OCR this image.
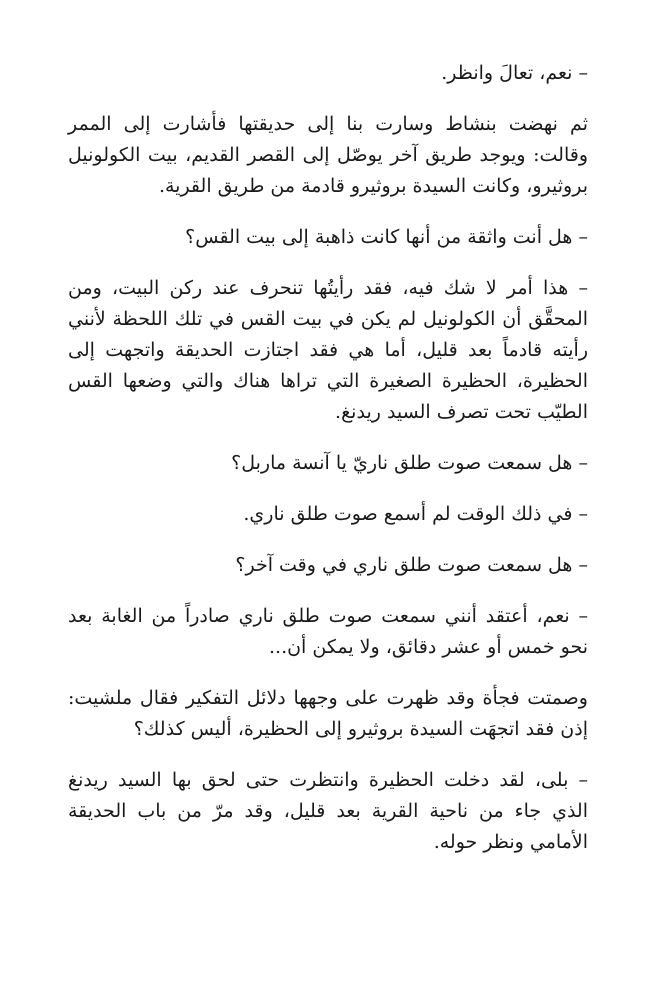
– نعم، تعالَ وانظر.

ثم نهضت بنشاط وسارت بنا إلى حديقتها فأشارت إلى الممر وقالت: ويوجد طريق آخر يوصّل إلى القصر القديم، بيت الكولونيل بروثيرو، وكانت السيدة بروثيرو قادمة من طريق القرية.

– هل أنت واثقة من أنها كانت ذاهبة إلى بيت القس؟

– هذا أمر لا شك فيه، فقد رأيتُها تنحرف عند ركن البيت، ومن المحقَّق أن الكولونيل لم يكن في بيت القس في تلك اللحظة لأنني رأيته قادماً بعد قليل، أما هي فقد اجتازت الحديقة واتجهت إلى الحظيرة، الحظيرة الصغيرة التي تراها هناك والتي وضعها القس الطيّب تحت تصرف السيد ريدنغ.

– هل سمعت صوت طلق ناريّ يا آنسة ماربل؟

– في ذلك الوقت لم أسمع صوت طلق ناري.

– هل سمعت صوت طلق ناري في وقت آخر؟

– نعم، أعتقد أنني سمعت صوت طلق ناري صادراً من الغابة بعد نحو خمس أو عشر دقائق، ولا يمكن أن...

وصمتت فجأة وقد ظهرت على وجهها دلائل التفكير فقال ملشيت: إذن فقد اتجهَت السيدة بروثيرو إلى الحظيرة، أليس كذلك؟

– بلى، لقد دخلت الحظيرة وانتظرت حتى لحق بها السيد ريدنغ الذي جاء من ناحية القرية بعد قليل، وقد مرّ من باب الحديقة الأمامي ونظر حوله.
